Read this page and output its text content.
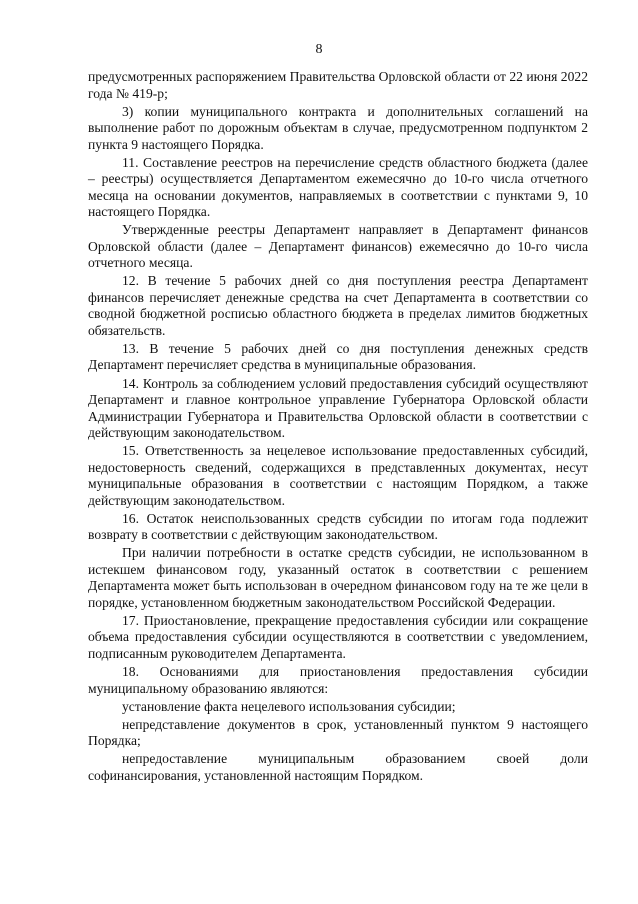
8

предусмотренных распоряжением Правительства Орловской области от 22 июня 2022 года № 419-р;

3) копии муниципального контракта и дополнительных соглашений на выполнение работ по дорожным объектам в случае, предусмотренном подпунктом 2 пункта 9 настоящего Порядка.

11. Составление реестров на перечисление средств областного бюджета (далее – реестры) осуществляется Департаментом ежемесячно до 10-го числа отчетного месяца на основании документов, направляемых в соответствии с пунктами 9, 10 настоящего Порядка.

Утвержденные реестры Департамент направляет в Департамент финансов Орловской области (далее – Департамент финансов) ежемесячно до 10-го числа отчетного месяца.

12. В течение 5 рабочих дней со дня поступления реестра Департамент финансов перечисляет денежные средства на счет Департамента в соответствии со сводной бюджетной росписью областного бюджета в пределах лимитов бюджетных обязательств.

13. В течение 5 рабочих дней со дня поступления денежных средств Департамент перечисляет средства в муниципальные образования.

14. Контроль за соблюдением условий предоставления субсидий осуществляют Департамент и главное контрольное управление Губернатора Орловской области Администрации Губернатора и Правительства Орловской области в соответствии с действующим законодательством.

15. Ответственность за нецелевое использование предоставленных субсидий, недостоверность сведений, содержащихся в представленных документах, несут муниципальные образования в соответствии с настоящим Порядком, а также действующим законодательством.

16. Остаток неиспользованных средств субсидии по итогам года подлежит возврату в соответствии с действующим законодательством.

При наличии потребности в остатке средств субсидии, не использованном в истекшем финансовом году, указанный остаток в соответствии с решением Департамента может быть использован в очередном финансовом году на те же цели в порядке, установленном бюджетным законодательством Российской Федерации.

17. Приостановление, прекращение предоставления субсидии или сокращение объема предоставления субсидии осуществляются в соответствии с уведомлением, подписанным руководителем Департамента.

18. Основаниями для приостановления предоставления субсидии муниципальному образованию являются:

установление факта нецелевого использования субсидии;

непредставление документов в срок, установленный пунктом 9 настоящего Порядка;

непредоставление муниципальным образованием своей доли софинансирования, установленной настоящим Порядком.
